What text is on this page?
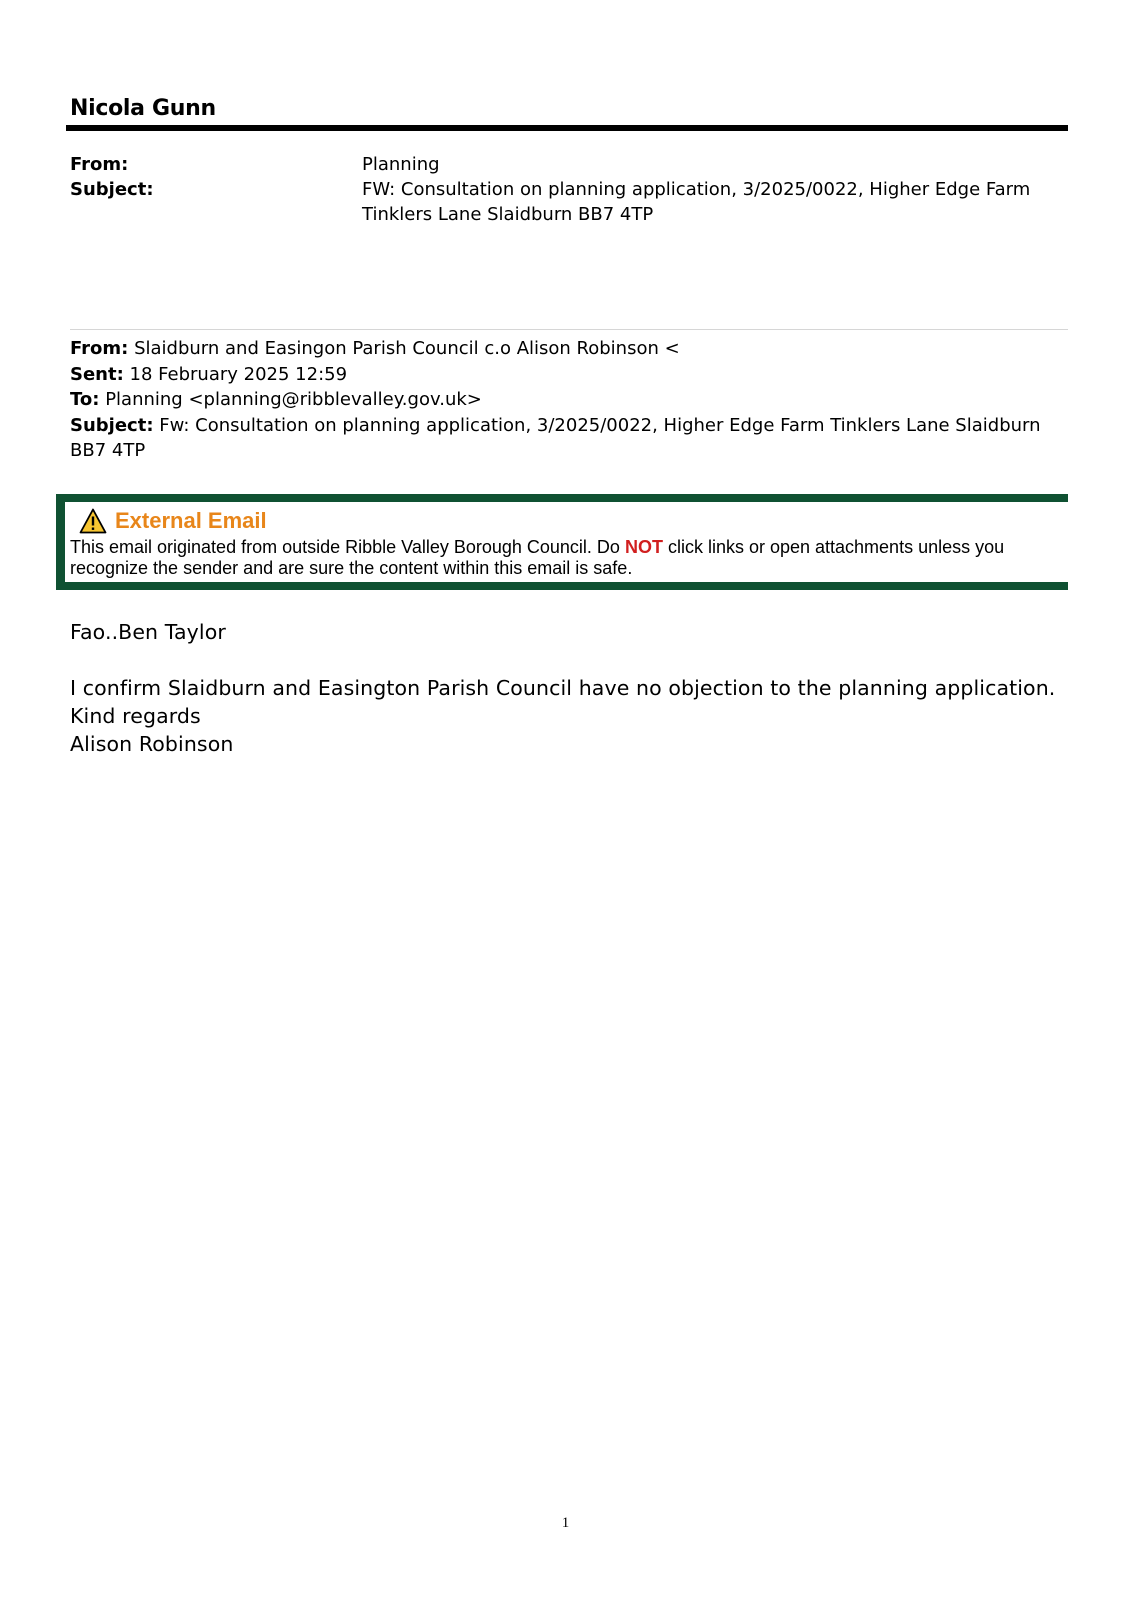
Nicola Gunn
From:	Planning
Subject:	FW: Consultation on planning application, 3/2025/0022, Higher Edge Farm Tinklers Lane Slaidburn BB7 4TP
From: Slaidburn and Easingon Parish Council c.o Alison Robinson <
Sent: 18 February 2025 12:59
To: Planning <planning@ribblevalley.gov.uk>
Subject: Fw: Consultation on planning application, 3/2025/0022, Higher Edge Farm Tinklers Lane Slaidburn BB7 4TP
External Email
This email originated from outside Ribble Valley Borough Council. Do NOT click links or open attachments unless you recognize the sender and are sure the content within this email is safe.
Fao..Ben Taylor
I confirm Slaidburn and Easington Parish Council have no objection to the planning application.
Kind regards
Alison Robinson
1
